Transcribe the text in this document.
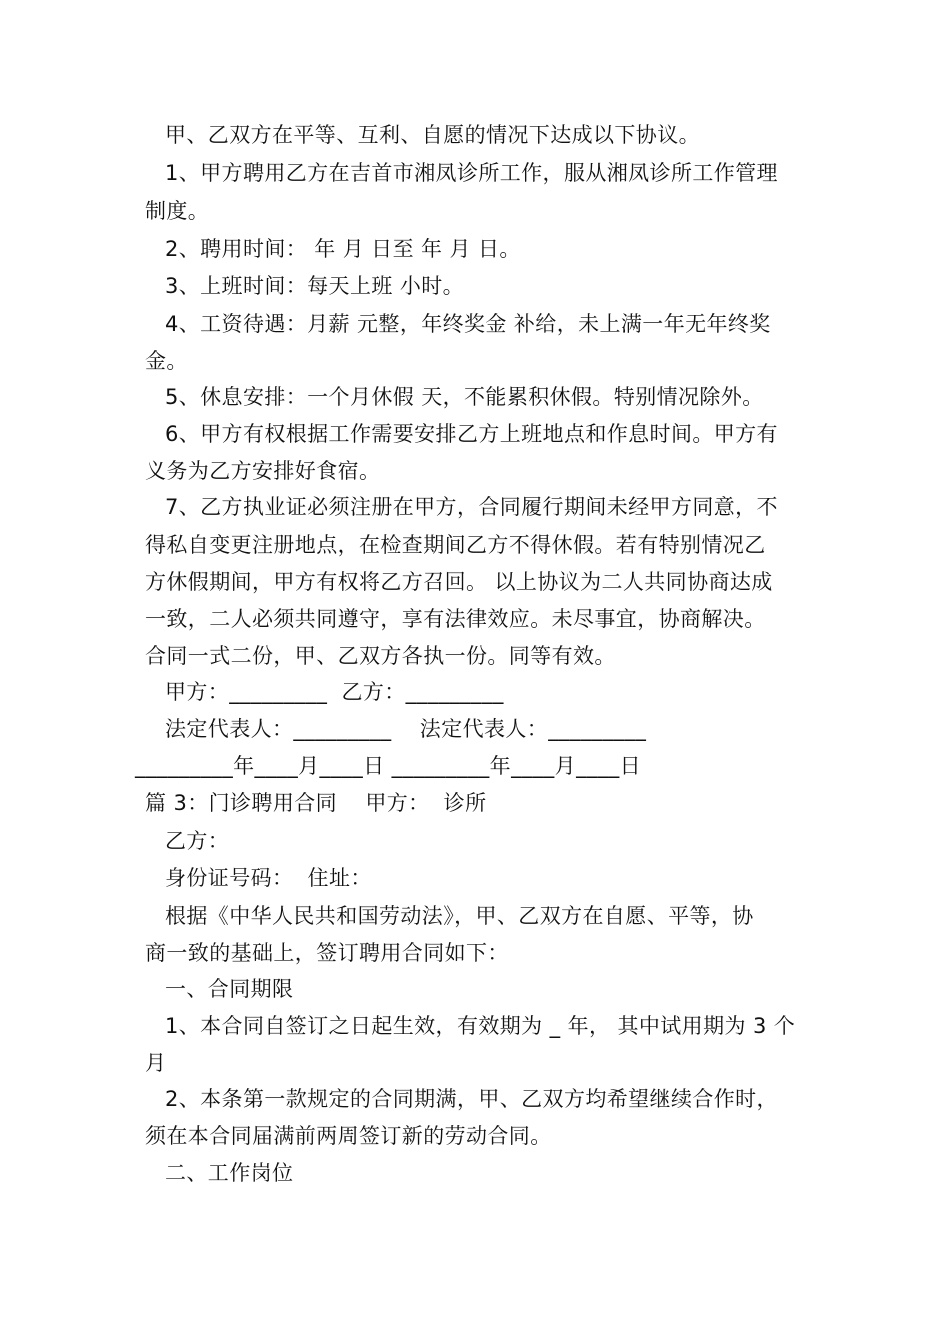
甲、乙双方在平等、互利、自愿的情况下达成以下协议。
1、甲方聘用乙方在吉首市湘凤诊所工作，服从湘凤诊所工作管理
制度。
2、聘用时间： 年 月 日至 年 月 日。
3、上班时间：每天上班 小时。
4、工资待遇：月薪 元整，年终奖金 补给，未上满一年无年终奖
金。
5、休息安排：一个月休假 天，不能累积休假。特别情况除外。
6、甲方有权根据工作需要安排乙方上班地点和作息时间。甲方有
义务为乙方安排好食宿。
7、乙方执业证必须注册在甲方，合同履行期间未经甲方同意，不
得私自变更注册地点，在检查期间乙方不得休假。若有特别情况乙
方休假期间，甲方有权将乙方召回。 以上协议为二人共同协商达成
一致，二人必须共同遵守，享有法律效应。未尽事宜，协商解决。
合同一式二份，甲、乙双方各执一份。同等有效。
甲方：_________  乙方：_________
法定代表人：_________    法定代表人：_________
_________年____月____日 _________年____月____日
篇 3：门诊聘用合同    甲方：  诊所
乙方：
身份证号码：  住址：
根据《中华人民共和国劳动法》，甲、乙双方在自愿、平等，协
商一致的基础上，签订聘用合同如下：
一、合同期限
1、本合同自签订之日起生效，有效期为 _ 年， 其中试用期为 3 个
月
2、本条第一款规定的合同期满，甲、乙双方均希望继续合作时，
须在本合同届满前两周签订新的劳动合同。
二、工作岗位
